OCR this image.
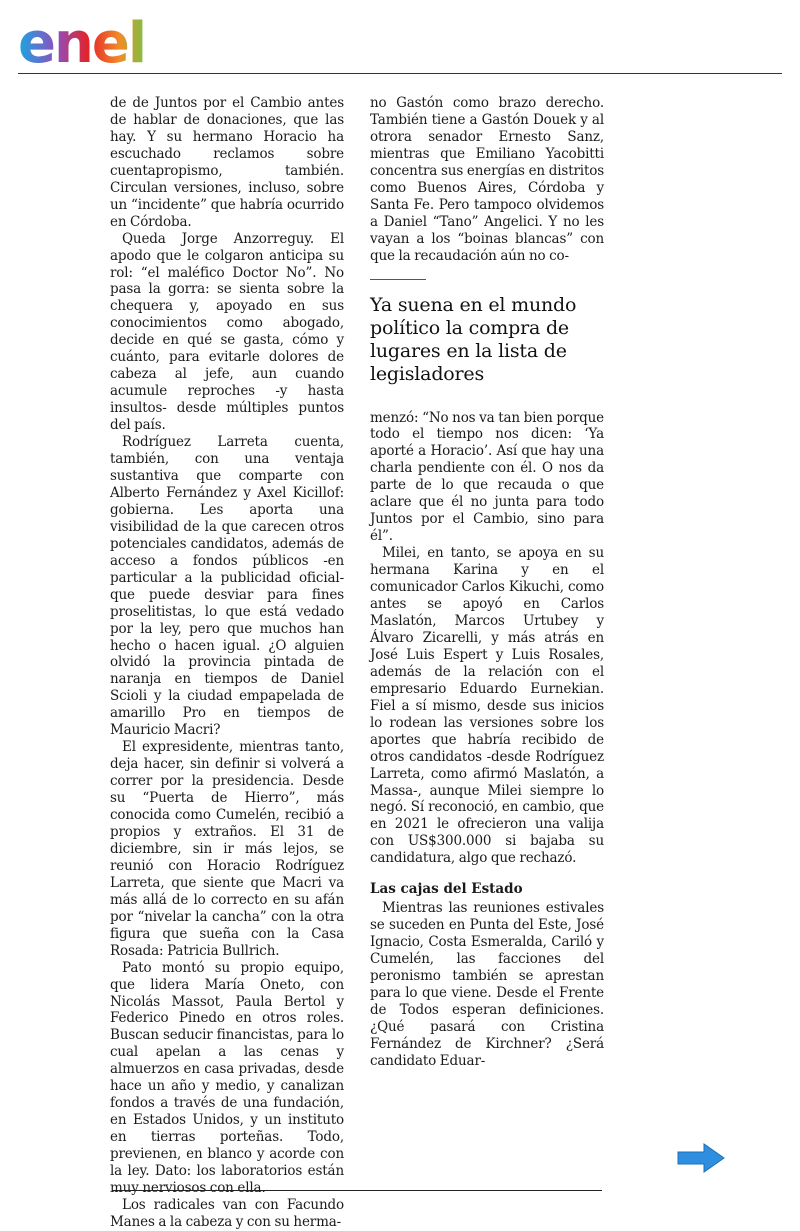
enel

de de Juntos por el Cambio antes de hablar de donaciones, que las hay. Y su hermano Horacio ha escuchado reclamos sobre cuentapropismo, también. Circulan versiones, incluso, sobre un “incidente” que habría ocurrido en Córdoba.

Queda Jorge Anzorreguy. El apodo que le colgaron anticipa su rol: “el maléfico Doctor No”. No pasa la gorra: se sienta sobre la chequera y, apoyado en sus conocimientos como abogado, decide en qué se gasta, cómo y cuánto, para evitarle dolores de cabeza al jefe, aun cuando acumule reproches -y hasta insultos- desde múltiples puntos del país.

Rodríguez Larreta cuenta, también, con una ventaja sustantiva que comparte con Alberto Fernández y Axel Kicillof: gobierna. Les aporta una visibilidad de la que carecen otros potenciales candidatos, además de acceso a fondos públicos -en particular a la publicidad oficial- que puede desviar para fines proselitistas, lo que está vedado por la ley, pero que muchos han hecho o hacen igual. ¿O alguien olvidó la provincia pintada de naranja en tiempos de Daniel Scioli y la ciudad empapelada de amarillo Pro en tiempos de Mauricio Macri?

El expresidente, mientras tanto, deja hacer, sin definir si volverá a correr por la presidencia. Desde su “Puerta de Hierro”, más conocida como Cumelén, recibió a propios y extraños. El 31 de diciembre, sin ir más lejos, se reunió con Horacio Rodríguez Larreta, que siente que Macri va más allá de lo correcto en su afán por “nivelar la cancha” con la otra figura que sueña con la Casa Rosada: Patricia Bullrich.

Pato montó su propio equipo, que lidera María Oneto, con Nicolás Massot, Paula Bertol y Federico Pinedo en otros roles. Buscan seducir financistas, para lo cual apelan a las cenas y almuerzos en casa privadas, desde hace un año y medio, y canalizan fondos a través de una fundación, en Estados Unidos, y un instituto en tierras porteñas. Todo, previenen, en blanco y acorde con la ley. Dato: los laboratorios están muy nerviosos con ella.

Los radicales van con Facundo Manes a la cabeza y con su herma-

no Gastón como brazo derecho. También tiene a Gastón Douek y al otrora senador Ernesto Sanz, mientras que Emiliano Yacobitti concentra sus energías en distritos como Buenos Aires, Córdoba y Santa Fe. Pero tampoco olvidemos a Daniel “Tano” Angelici. Y no les vayan a los “boinas blancas” con que la recaudación aún no co-

Ya suena en el mundo político la compra de lugares en la lista de legisladores

menzó: “No nos va tan bien porque todo el tiempo nos dicen: ‘Ya aporté a Horacio’. Así que hay una charla pendiente con él. O nos da parte de lo que recauda o que aclare que él no junta para todo Juntos por el Cambio, sino para él”.

Milei, en tanto, se apoya en su hermana Karina y en el comunicador Carlos Kikuchi, como antes se apoyó en Carlos Maslatón, Marcos Urtubey y Álvaro Zicarelli, y más atrás en José Luis Espert y Luis Rosales, además de la relación con el empresario Eduardo Eurnekian. Fiel a sí mismo, desde sus inicios lo rodean las versiones sobre los aportes que habría recibido de otros candidatos -desde Rodríguez Larreta, como afirmó Maslatón, a Massa-, aunque Milei siempre lo negó. Sí reconoció, en cambio, que en 2021 le ofrecieron una valija con US$300.000 si bajaba su candidatura, algo que rechazó.

Las cajas del Estado

Mientras las reuniones estivales se suceden en Punta del Este, José Ignacio, Costa Esmeralda, Cariló y Cumelén, las facciones del peronismo también se aprestan para lo que viene. Desde el Frente de Todos esperan definiciones. ¿Qué pasará con Cristina Fernández de Kirchner? ¿Será candidato Eduar-
